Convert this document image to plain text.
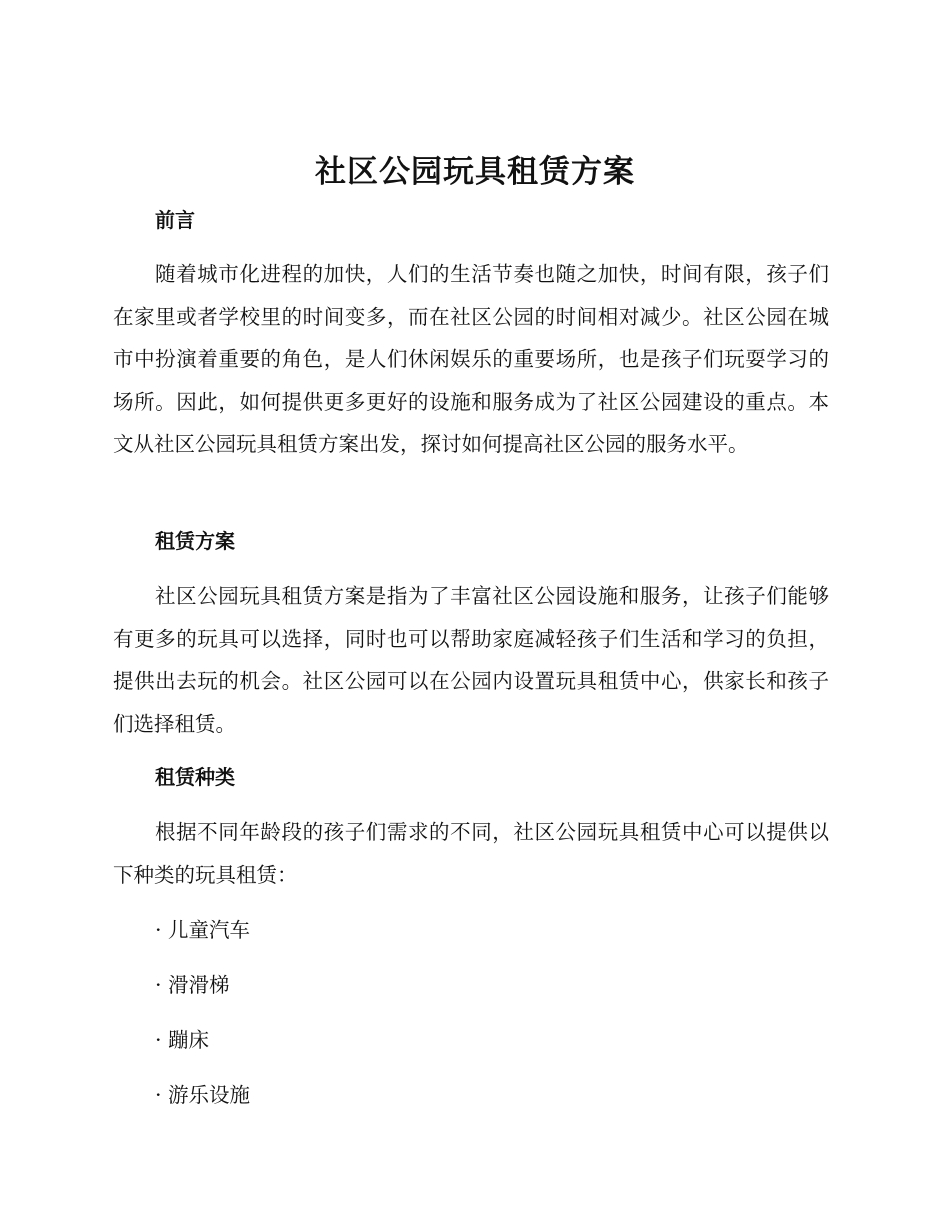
社区公园玩具租赁方案
前言

随着城市化进程的加快，人们的生活节奏也随之加快，时间有限，孩子们在家里或者学校里的时间变多，而在社区公园的时间相对减少。社区公园在城市中扮演着重要的角色，是人们休闲娱乐的重要场所，也是孩子们玩耍学习的场所。因此，如何提供更多更好的设施和服务成为了社区公园建设的重点。本文从社区公园玩具租赁方案出发，探讨如何提高社区公园的服务水平。

租赁方案

社区公园玩具租赁方案是指为了丰富社区公园设施和服务，让孩子们能够有更多的玩具可以选择，同时也可以帮助家庭减轻孩子们生活和学习的负担，提供出去玩的机会。社区公园可以在公园内设置玩具租赁中心，供家长和孩子们选择租赁。

租赁种类

根据不同年龄段的孩子们需求的不同，社区公园玩具租赁中心可以提供以下种类的玩具租赁：

· 儿童汽车

· 滑滑梯

· 蹦床

· 游乐设施
